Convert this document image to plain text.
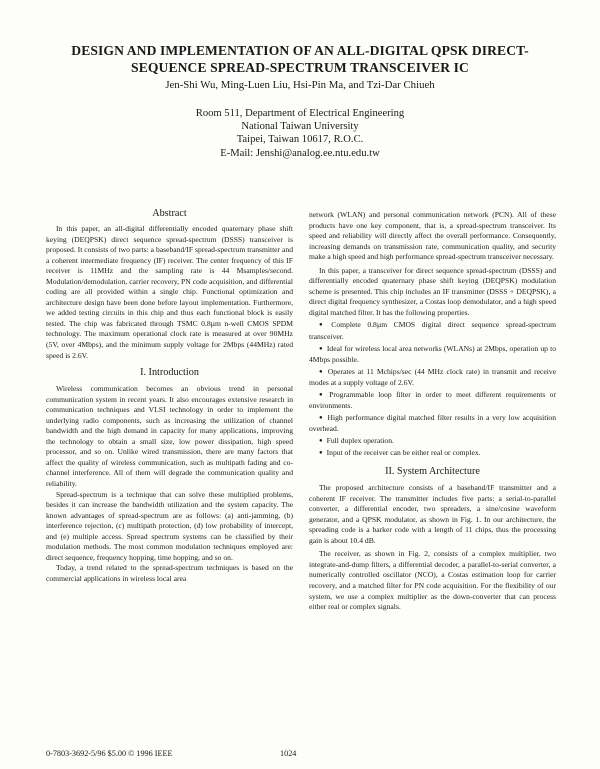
DESIGN AND IMPLEMENTATION OF AN ALL-DIGITAL QPSK DIRECT-SEQUENCE SPREAD-SPECTRUM TRANSCEIVER IC
Jen-Shi Wu, Ming-Luen Liu, Hsi-Pin Ma, and Tzi-Dar Chiueh
Room 511, Department of Electrical Engineering
National Taiwan University
Taipei, Taiwan 10617, R.O.C.
E-Mail: Jenshi@analog.ee.ntu.edu.tw
Abstract

In this paper, an all-digital differentially encoded quaternary phase shift keying (DEQPSK) direct sequence spread-spectrum (DSSS) transceiver is proposed. It consists of two parts: a baseband/IF spread-spectrum transmitter and a coherent intermediate frequency (IF) receiver. The center frequency of this IF receiver is 11MHz and the sampling rate is 44 Msamples/second. Modulation/demodulation, carrier recovery, PN code acquisition, and differential coding are all provided within a single chip. Functional optimization and architecture design have been done before layout implementation. Furthermore, we added testing circuits in this chip and thus each functional block is easily tested. The chip was fabricated through TSMC 0.8µm n-well CMOS SPDM technology. The maximum operational clock rate is measured at over 90MHz (5V, over 4Mbps), and the minimum supply voltage for 2Mbps (44MHz) rated speed is 2.6V.

I. Introduction

Wireless communication becomes an obvious trend in personal communication system in recent years. It also encourages extensive research in communication techniques and VLSI technology in order to implement the underlying radio components, such as increasing the utilization of channel bandwidth and the high demand in capacity for many applications, improving the technology to obtain a small size, low power dissipation, high speed processor, and so on. Unlike wired transmission, there are many factors that affect the quality of wireless communication, such as multipath fading and co-channel interference. All of them will degrade the communication quality and reliability.

Spread-spectrum is a technique that can solve these multiplied problems, besides it can increase the bandwidth utilization and the system capacity. The known advantages of spread-spectrum are as follows: (a) anti-jamming, (b) interference rejection, (c) multipath protection, (d) low probability of intercept, and (e) multiple access. Spread spectrum systems can be classified by their modulation methods. The most common modulation techniques employed are: direct sequence, frequency hopping, time hopping, and so on.

Today, a trend related to the spread-spectrum techniques is based on the commercial applications in wireless local area

network (WLAN) and personal communication network (PCN). All of these products have one key component, that is, a spread-spectrum transceiver. Its speed and reliability will directly affect the overall performance. Consequently, increasing demands on transmission rate, communication quality, and security make a high speed and high performance spread-spectrum transceiver necessary.

In this paper, a transceiver for direct sequence spread-spectrum (DSSS) and differentially encoded quaternary phase shift keying (DEQPSK) modulation scheme is presented. This chip includes an IF transmitter (DSSS + DEQPSK), a direct digital frequency synthesizer, a Costas loop demodulator, and a high speed digital matched filter. It has the following properties.

● Complete 0.8µm CMOS digital direct sequence spread-spectrum transceiver.
● Ideal for wireless local area networks (WLANs) at 2Mbps, operation up to 4Mbps possible.
● Operates at 11 Mchips/sec (44 MHz clock rate) in transmit and receive modes at a supply voltage of 2.6V.
● Programmable loop filter in order to meet different requirements or environments.
● High performance digital matched filter results in a very low acquisition overhead.
● Full duplex operation.
● Input of the receiver can be either real or complex.
II. System Architecture

The proposed architecture consists of a baseband/IF transmitter and a coherent IF receiver. The transmitter includes five parts: a serial-to-parallel converter, a differential encoder, two spreaders, a sine/cosine waveform generator, and a QPSK modulator, as shown in Fig. 1. In our architecture, the spreading code is a barker code with a length of 11 chips, thus the processing gain is about 10.4 dB.

The receiver, as shown in Fig. 2, consists of a complex multiplier, two integrate-and-dump filters, a differential decoder, a parallel-to-serial converter, a numerically controlled oscillator (NCO), a Costas estimation loop for carrier recovery, and a matched filter for PN code acquisition. For the flexibility of our system, we use a complex multiplier as the down-converter that can process either real or complex signals.

0-7803-3692-5/96 $5.00 © 1996 IEEE	1024
